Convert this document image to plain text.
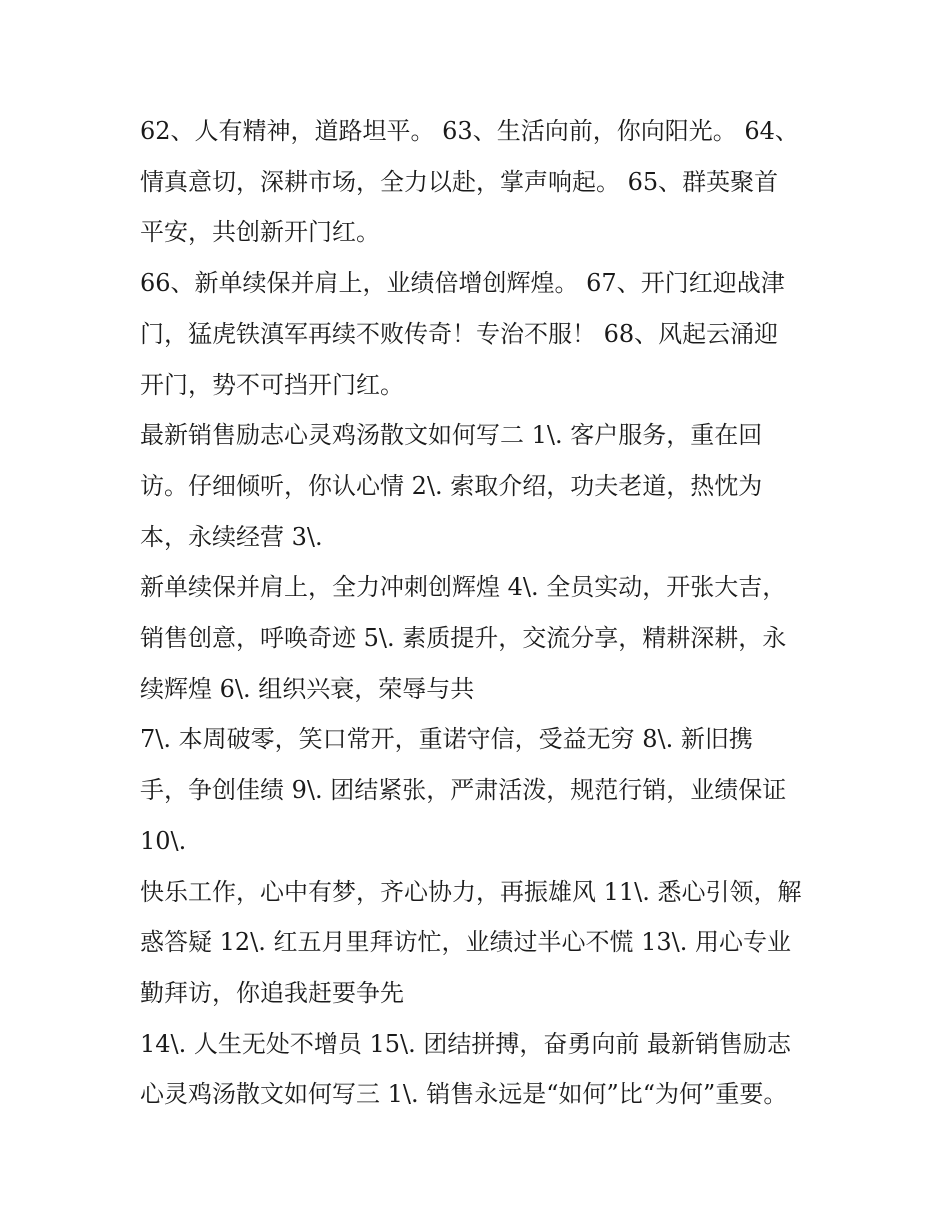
62、人有精神，道路坦平。 63、生活向前，你向阳光。 64、
情真意切，深耕市场，全力以赴，掌声响起。 65、群英聚首
平安，共创新开门红。
66、新单续保并肩上，业绩倍增创辉煌。 67、开门红迎战津
门，猛虎铁滇军再续不败传奇！专治不服！ 68、风起云涌迎
开门，势不可挡开门红。
最新销售励志心灵鸡汤散文如何写二 1\. 客户服务，重在回
访。仔细倾听，你认心情 2\. 索取介绍，功夫老道，热忱为
本，永续经营 3\.
新单续保并肩上，全力冲刺创辉煌 4\. 全员实动，开张大吉，
销售创意，呼唤奇迹 5\. 素质提升，交流分享，精耕深耕，永
续辉煌 6\. 组织兴衰，荣辱与共
7\. 本周破零，笑口常开，重诺守信，受益无穷 8\. 新旧携
手，争创佳绩 9\. 团结紧张，严肃活泼，规范行销，业绩保证
10\.
快乐工作，心中有梦，齐心协力，再振雄风 11\. 悉心引领，解
惑答疑 12\. 红五月里拜访忙，业绩过半心不慌 13\. 用心专业
勤拜访，你追我赶要争先
14\. 人生无处不增员 15\. 团结拼搏，奋勇向前 最新销售励志
心灵鸡汤散文如何写三 1\. 销售永远是“如何”比“为何”重要。
